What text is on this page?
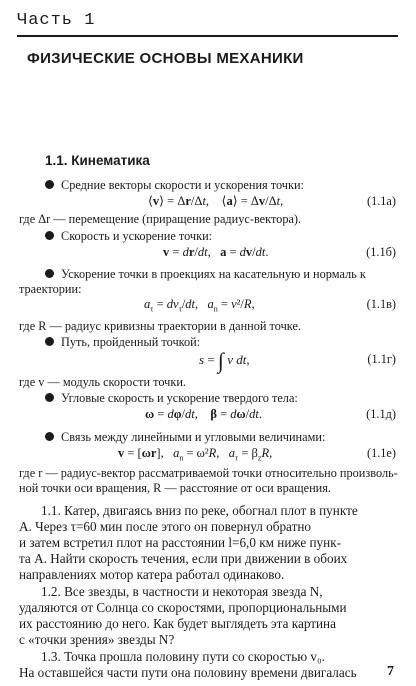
Часть 1
ФИЗИЧЕСКИЕ ОСНОВЫ МЕХАНИКИ
1.1. Кинематика
Средние векторы скорости и ускорения точки:
⟨v⟩ = Δr/Δt,    ⟨a⟩ = Δv/Δt,	(1.1а)
где Δr — перемещение (приращение радиус-вектора).
Скорость и ускорение точки:
v = dr/dt,   a = dv/dt.	(1.1б)
Ускорение точки в проекциях на касательную и нормаль к
траектории:
$a_\tau = dv_\tau/dt$,   $a_n = v^2/R$,	(1.1в)
где R — радиус кривизны траектории в данной точке.
Путь, пройденный точкой:
s = ∫ v dt,	(1.1г)
где v — модуль скорости точки.
Угловые скорость и ускорение твердого тела:
ω = dφ/dt,    β = dω/dt.	(1.1д)
Связь между линейными и угловыми величинами:
v = [ωr],   $a_n = \omega^2R$,   $a_\tau = \beta_zR$,	(1.1е)
где r — радиус-вектор рассматриваемой точки относительно произволь-
ной точки оси вращения, R — расстояние от оси вращения.
1.1. Катер, двигаясь вниз по реке, обогнал плот в пункте
А. Через τ=60 мин после этого он повернул обратно
и затем встретил плот на расстоянии l=6,0 км ниже пунк-
та А. Найти скорость течения, если при движении в обоих
направлениях мотор катера работал одинаково.
1.2. Все звезды, в частности и некоторая звезда N,
удаляются от Солнца со скоростями, пропорциональными
их расстоянию до него. Как будет выглядеть эта картина
с «точки зрения» звезды N?
1.3. Точка прошла половину пути со скоростью v₀.
На оставшейся части пути она половину времени двигалась 7
